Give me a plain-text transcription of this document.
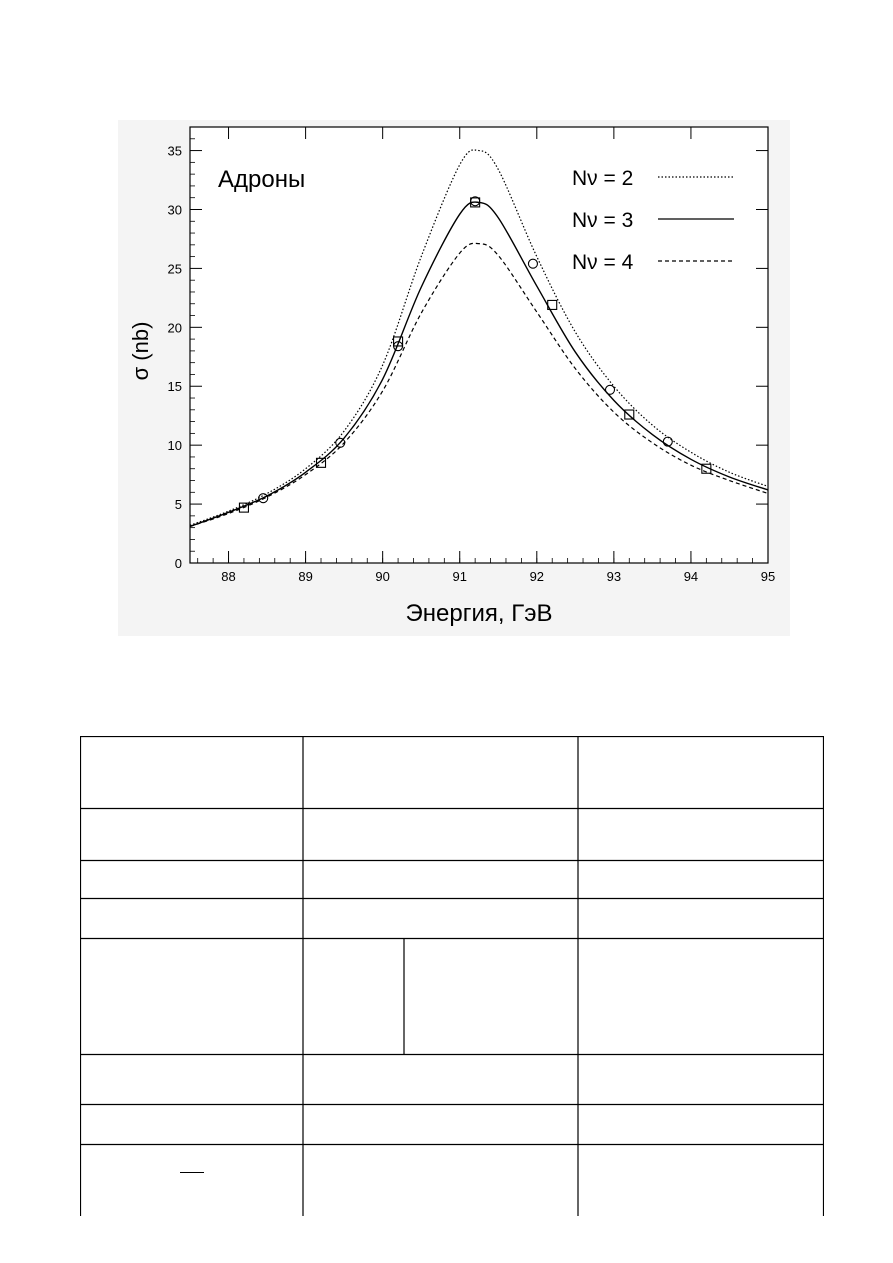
88	89	90	91	92	93	94	95
0
5
10
15
20
25
30
35
Энергия, ГэВ
σ (nb)
Адроны	Nν = 2
Nν = 3
Nν = 4
